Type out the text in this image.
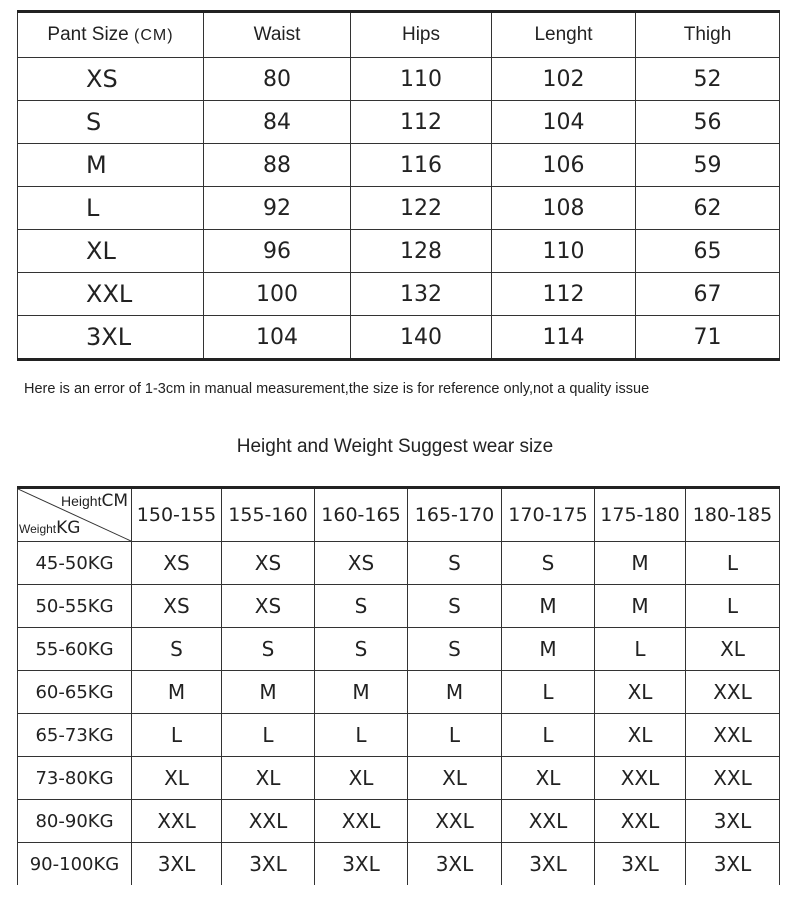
Pant Size (CM)	Waist	Hips	Lenght	Thigh
XS	80	110	102	52
S	84	112	104	56
M	88	116	106	59
L	92	122	108	62
XL	96	128	110	65
XXL	100	132	112	67
3XL	104	140	114	71
Here is an error of 1-3cm in manual measurement,the size is for reference only,not a quality issue
Height and Weight Suggest wear size
HeightCM
WeightKG	150-155	155-160	160-165	165-170	170-175	175-180	180-185
45-50KG	XS	XS	XS	S	S	M	L
50-55KG	XS	XS	S	S	M	M	L
55-60KG	S	S	S	S	M	L	XL
60-65KG	M	M	M	M	L	XL	XXL
65-73KG	L	L	L	L	L	XL	XXL
73-80KG	XL	XL	XL	XL	XL	XXL	XXL
80-90KG	XXL	XXL	XXL	XXL	XXL	XXL	3XL
90-100KG	3XL	3XL	3XL	3XL	3XL	3XL	3XL
